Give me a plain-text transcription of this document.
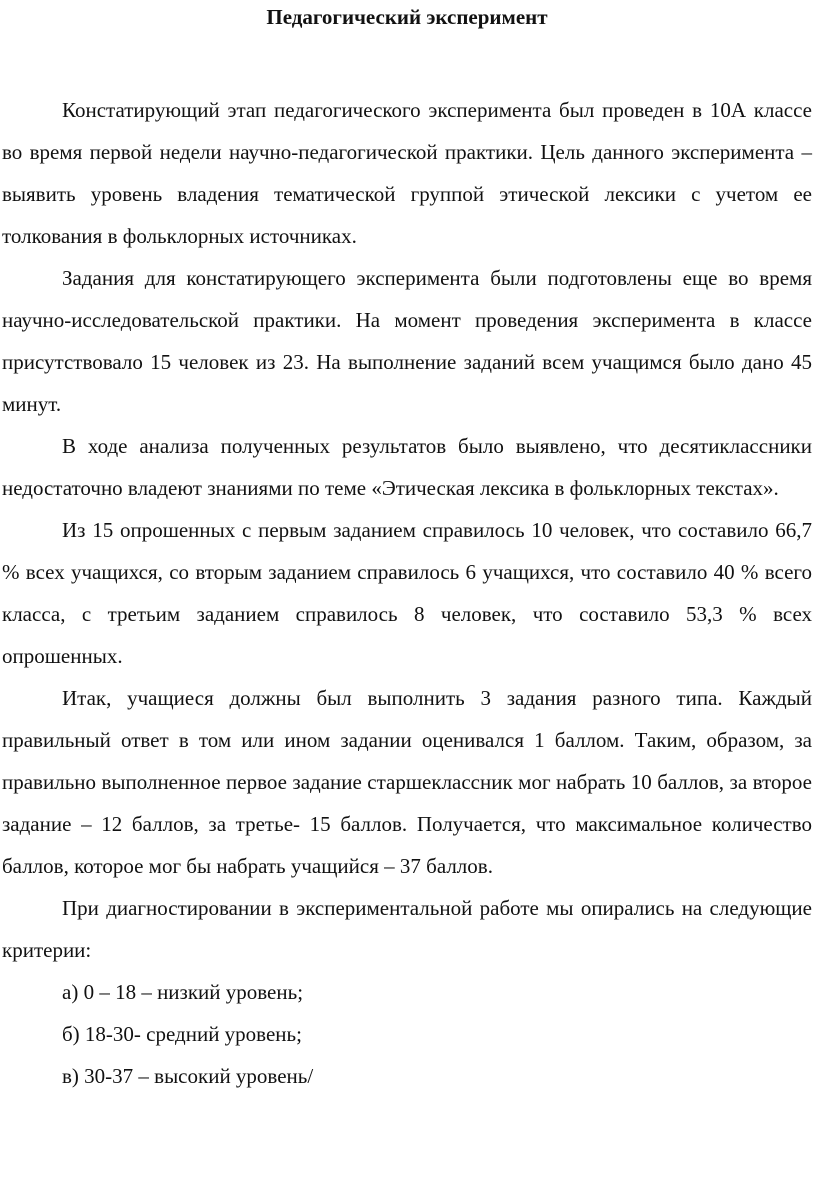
Педагогический эксперимент

Констатирующий этап педагогического эксперимента был проведен в 10А классе во время первой недели научно-педагогической практики. Цель данного эксперимента – выявить уровень владения тематической группой этической лексики с учетом ее толкования в фольклорных источниках.

Задания для констатирующего эксперимента были подготовлены еще во время научно-исследовательской практики. На момент проведения эксперимента в классе присутствовало 15 человек из 23. На выполнение заданий всем учащимся было дано 45 минут.

В ходе анализа полученных результатов было выявлено, что десятиклассники недостаточно владеют знаниями по теме «Этическая лексика в фольклорных текстах».

Из 15 опрошенных с первым заданием справилось 10 человек, что составило 66,7 % всех учащихся, со вторым заданием справилось 6 учащихся, что составило 40 % всего класса, с третьим заданием справилось 8 человек, что составило 53,3 % всех опрошенных.

Итак, учащиеся должны был выполнить 3 задания разного типа. Каждый правильный ответ в том или ином задании оценивался 1 баллом. Таким, образом, за правильно выполненное первое задание старшеклассник мог набрать 10 баллов, за второе задание – 12 баллов, за третье- 15 баллов. Получается, что максимальное количество баллов, которое мог бы набрать учащийся – 37 баллов.

При диагностировании в экспериментальной работе мы опирались на следующие критерии:

а) 0 – 18 – низкий уровень;

б) 18-30- средний уровень;

в) 30-37 – высокий уровень/
